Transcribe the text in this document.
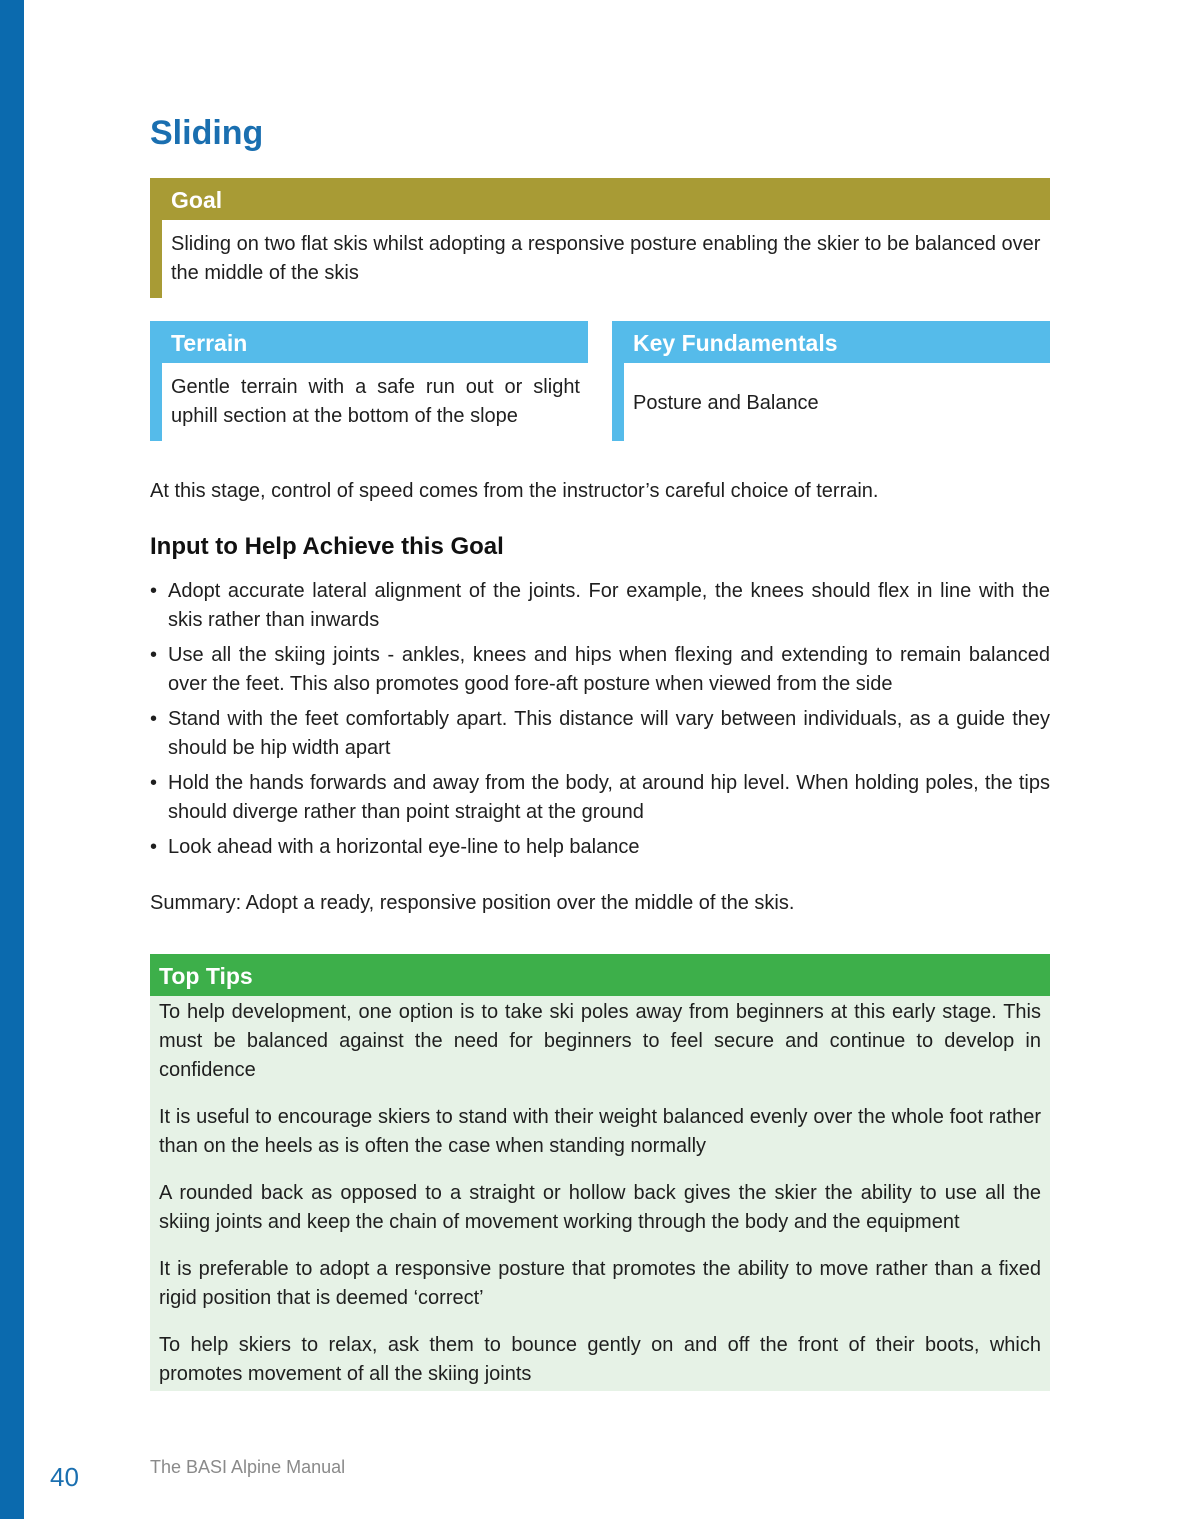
Sliding
Goal
Sliding on two flat skis whilst adopting a responsive posture enabling the skier to be balanced over the middle of the skis
Terrain
Gentle terrain with a safe run out or slight uphill section at the bottom of the slope
Key Fundamentals
Posture and Balance

At this stage, control of speed comes from the instructor’s careful choice of terrain.

Input to Help Achieve this Goal
• Adopt accurate lateral alignment of the joints. For example, the knees should flex in line with the skis rather than inwards
• Use all the skiing joints - ankles, knees and hips when flexing and extending to remain balanced over the feet. This also promotes good fore-aft posture when viewed from the side
• Stand with the feet comfortably apart. This distance will vary between individuals, as a guide they should be hip width apart
• Hold the hands forwards and away from the body, at around hip level. When holding poles, the tips should diverge rather than point straight at the ground
• Look ahead with a horizontal eye-line to help balance

Summary: Adopt a ready, responsive position over the middle of the skis.

Top Tips

To help development, one option is to take ski poles away from beginners at this early stage. This must be balanced against the need for beginners to feel secure and continue to develop in confidence

It is useful to encourage skiers to stand with their weight balanced evenly over the whole foot rather than on the heels as is often the case when standing normally

A rounded back as opposed to a straight or hollow back gives the skier the ability to use all the skiing joints and keep the chain of movement working through the body and the equipment

It is preferable to adopt a responsive posture that promotes the ability to move rather than a fixed rigid position that is deemed ‘correct’

To help skiers to relax, ask them to bounce gently on and off the front of their boots, which promotes movement of all the skiing joints

40	The BASI Alpine Manual
